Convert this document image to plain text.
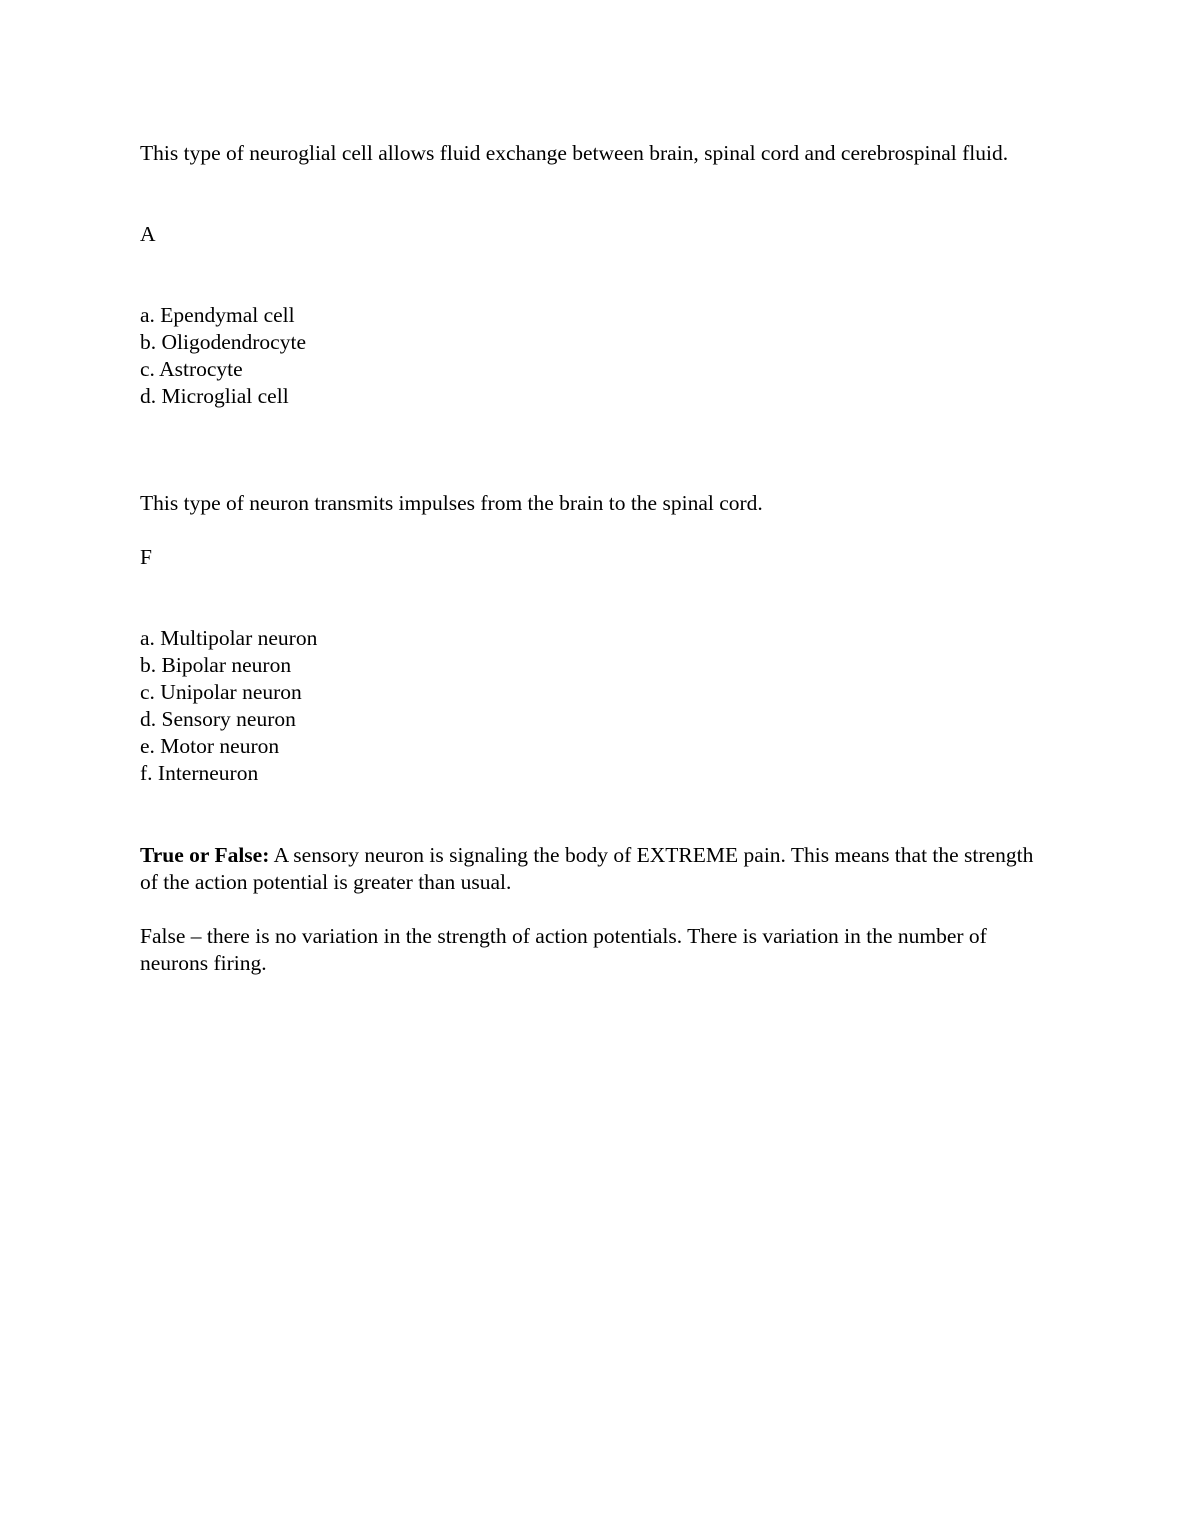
This type of neuroglial cell allows fluid exchange between brain, spinal cord and cerebrospinal fluid.

A

a. Ependymal cell
b. Oligodendrocyte
c. Astrocyte
d. Microglial cell

This type of neuron transmits impulses from the brain to the spinal cord.

F

a. Multipolar neuron
b. Bipolar neuron
c. Unipolar neuron
d. Sensory neuron
e. Motor neuron
f. Interneuron

True or False: A sensory neuron is signaling the body of EXTREME pain. This means that the strength of the action potential is greater than usual.

False – there is no variation in the strength of action potentials. There is variation in the number of neurons firing.
